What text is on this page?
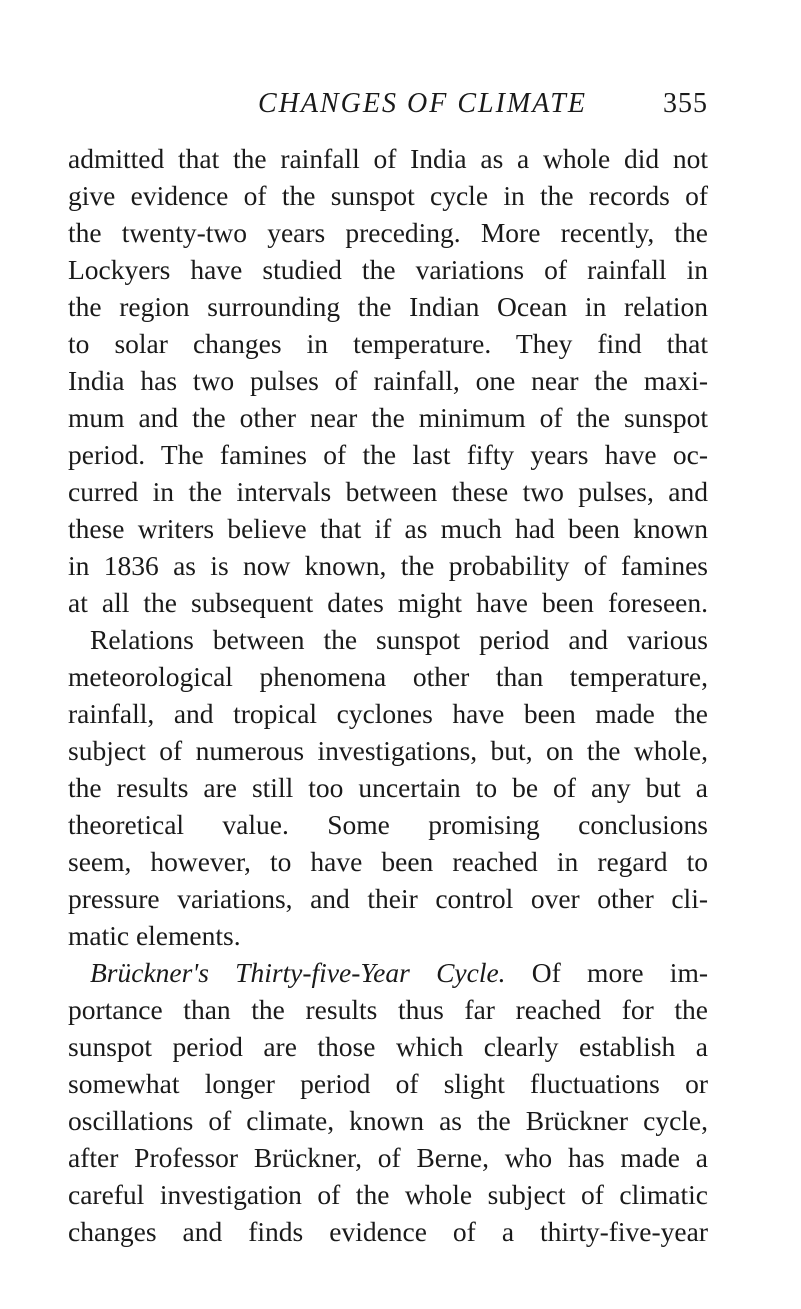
CHANGES OF CLIMATE	355
admitted that the rainfall of India as a whole did not
give evidence of the sunspot cycle in the records of
the twenty-two years preceding. More recently, the
Lockyers have studied the variations of rainfall in
the region surrounding the Indian Ocean in relation
to solar changes in temperature. They find that
India has two pulses of rainfall, one near the maxi-
mum and the other near the minimum of the sunspot
period. The famines of the last fifty years have oc-
curred in the intervals between these two pulses, and
these writers believe that if as much had been known
in 1836 as is now known, the probability of famines
at all the subsequent dates might have been foreseen.
Relations between the sunspot period and various
meteorological phenomena other than temperature,
rainfall, and tropical cyclones have been made the
subject of numerous investigations, but, on the whole,
the results are still too uncertain to be of any but a
theoretical value. Some promising conclusions
seem, however, to have been reached in regard to
pressure variations, and their control over other cli-
matic elements.
Brückner's Thirty-five-Year Cycle. Of more im-
portance than the results thus far reached for the
sunspot period are those which clearly establish a
somewhat longer period of slight fluctuations or
oscillations of climate, known as the Brückner cycle,
after Professor Brückner, of Berne, who has made a
careful investigation of the whole subject of climatic
changes and finds evidence of a thirty-five-year
